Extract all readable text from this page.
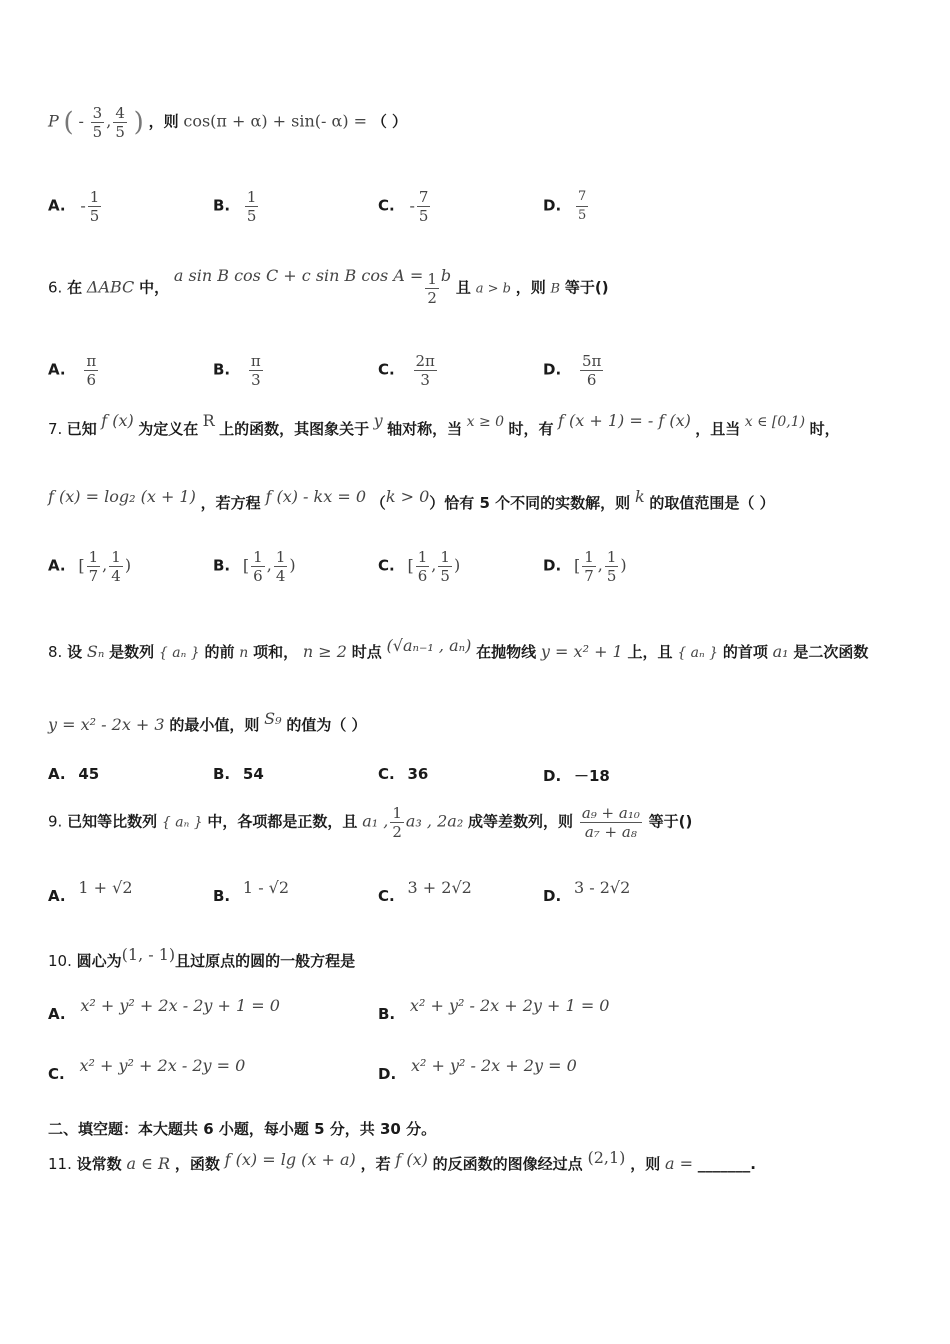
P ( - $\frac{3}{5}$ , $\frac{4}{5}$ ) ，则 cos(π + α) + sin(- α) = （ ）
A. - $\frac{1}{5}$	B. $\frac{1}{5}$	C. - $\frac{7}{5}$	D. $\frac{7}{5}$
6. 在 ΔABC 中， a sin B cos C + c sin B $\cos A = \frac{1}{2}$ b 且 a > b ，则 B 等于()
A. $\frac{\pi}{6}$	B. $\frac{\pi}{3}$	C. $\frac{2\pi}{3}$	D. $\frac{5\pi}{6}$
7. 已知 f (x) 为定义在 R 上的函数，其图象关于 y 轴对称，当 x ≥ 0 时，有 f (x + 1) = - f (x) ，且当 x ∈ [0,1) 时，
f (x) = log₂ (x + 1) ，若方程 f (x) - kx = 0 （k > 0）恰有 5 个不同的实数解，则 k 的取值范围是（ ）
A. [ $\frac{1}{7}$ , $\frac{1}{4}$ )	B. [ $\frac{1}{6}$ , $\frac{1}{4}$ )	C. [ $\frac{1}{6}$ , $\frac{1}{5}$ )	D. [ $\frac{1}{7}$ , $\frac{1}{5}$ )
8. 设 Sₙ 是数列 { aₙ } 的前 n 项和， n ≥ 2 时点 (√aₙ₋₁ , aₙ) 在抛物线 y = x² + 1 上，且 { aₙ } 的首项 a₁ 是二次函数
y = x² - 2x + 3 的最小值，则 S₉ 的值为（ ）
A. 45	B. 54	C. 36	D. －18
9. 已知等比数列 { aₙ } 中，各项都是正数，且 a₁ , $\frac{1}{2} a_3$ , 2a₂ 成等差数列，则 $\frac{\text{a₉ + a₁₀}}{\text{a₇ + a₈}}$ 等于()
A. 1 + √2	B. 1 - √2	C. 3 + 2√2	D. 3 - 2√2
10. 圆心为(1, - 1)且过原点的圆的一般方程是
A. x² + y² + 2x - 2y + 1 = 0	B. x² + y² - 2x + 2y + 1 = 0
C. x² + y² + 2x - 2y = 0	D. x² + y² - 2x + 2y = 0
二、填空题：本大题共 6 小题，每小题 5 分，共 30 分。
11. 设常数 a ∈ R ，函数 f (x) = lg (x + a) ，若 f (x) 的反函数的图像经过点 (2,1) ，则 a = _______.
